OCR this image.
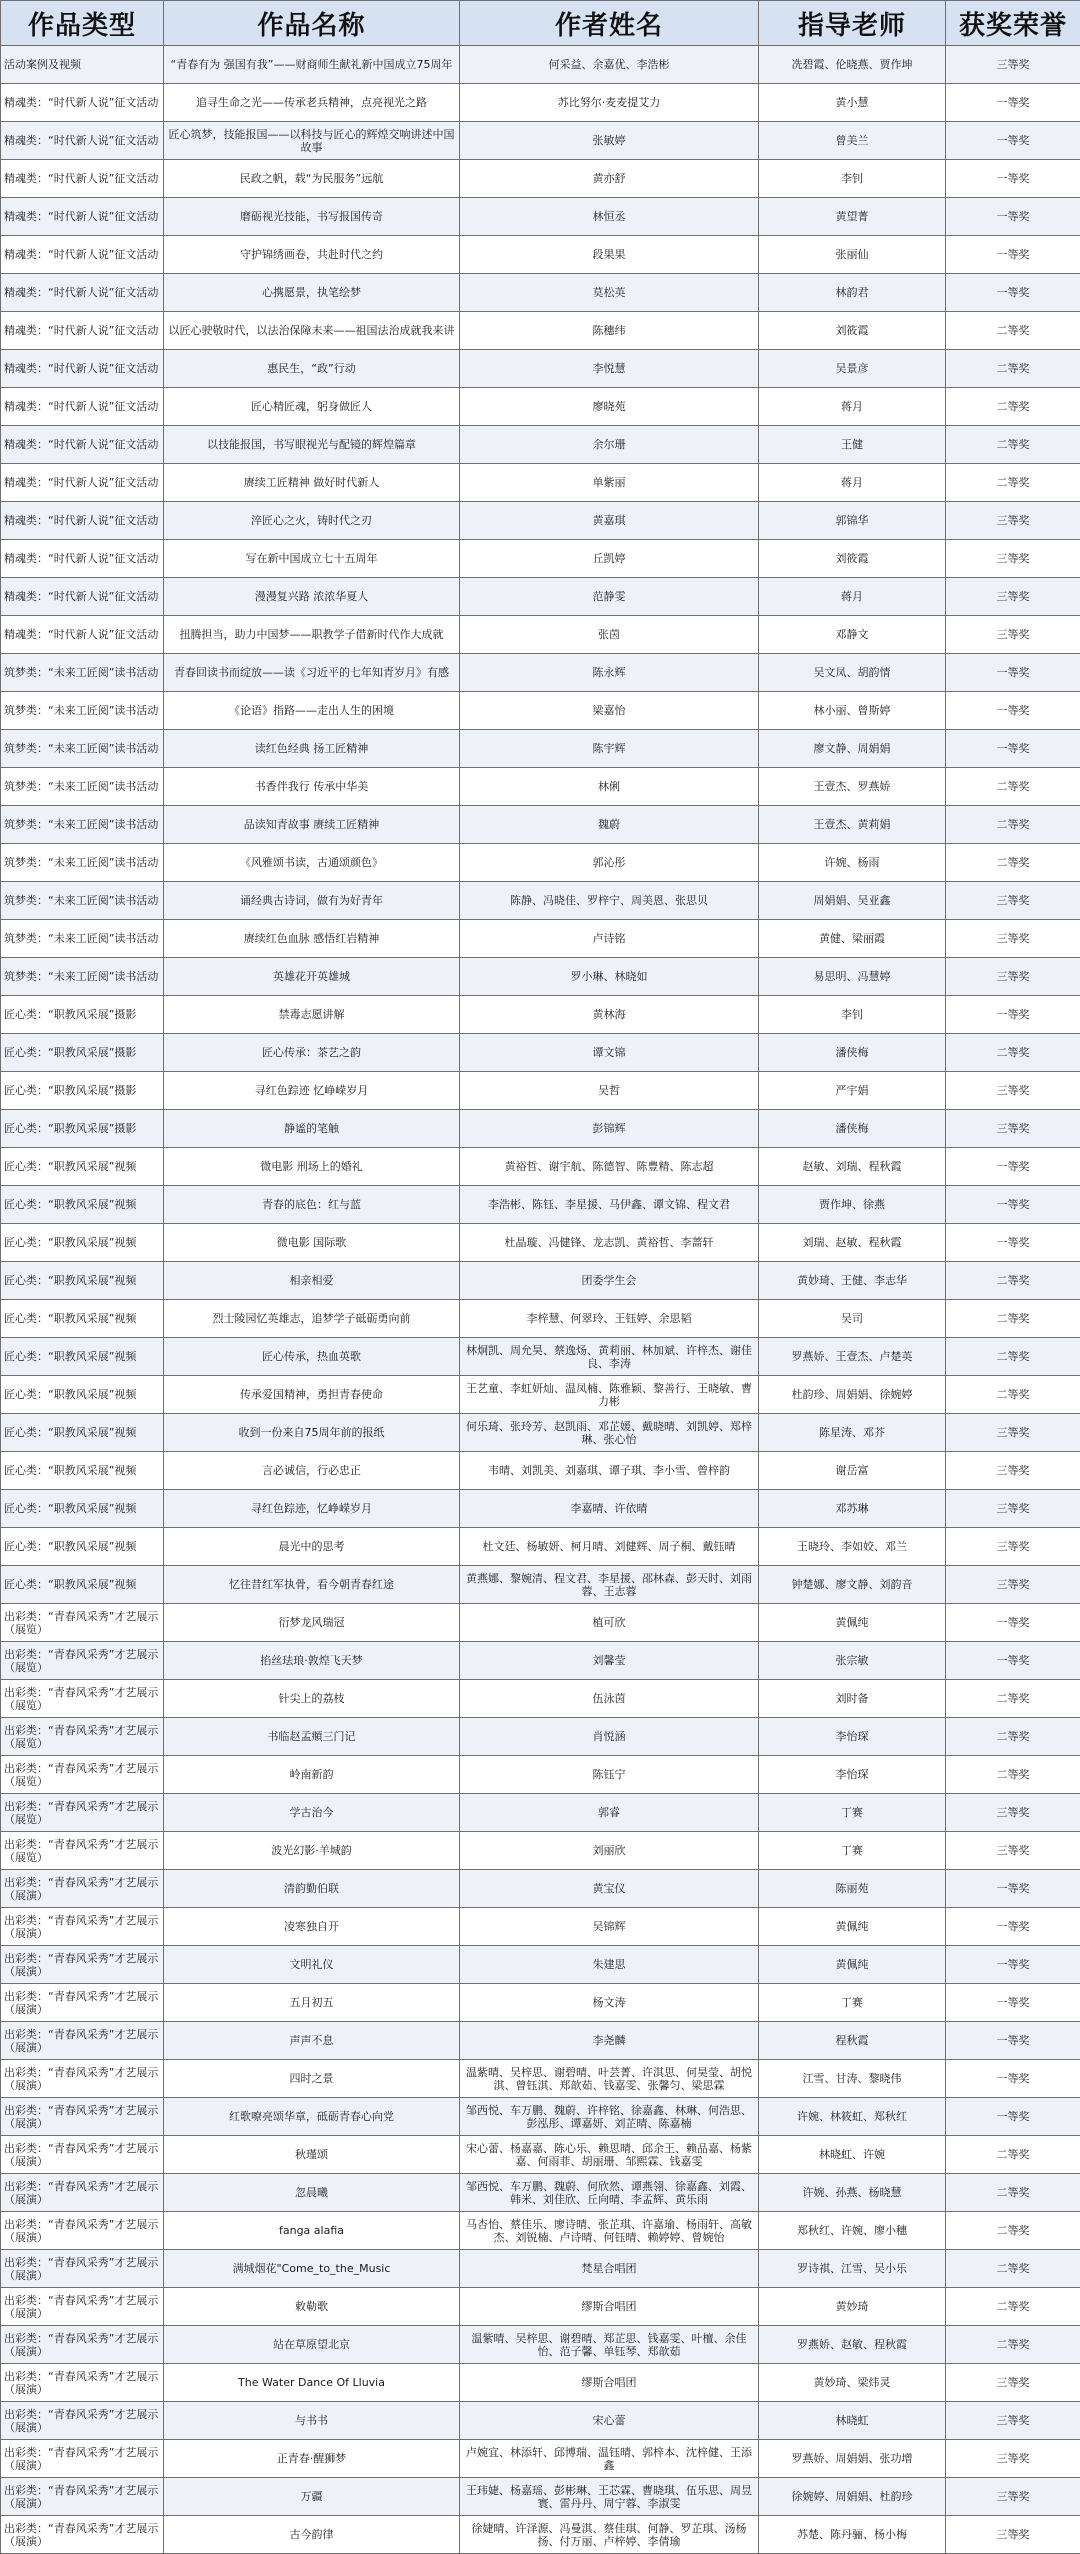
作品类型	作品名称	作者姓名	指导老师	获奖荣誉
活动案例及视频	“青春有为 强国有我”——财商师生献礼新中国成立75周年	何采益、余嘉优、李浩彬	冼碧霞、伦晓燕、贾作坤	三等奖
精魂类：“时代新人说”征文活动	追寻生命之光——传承老兵精神，点亮视光之路	苏比努尔·麦麦提艾力	黄小慧	一等奖
精魂类：“时代新人说”征文活动	匠心筑梦，技能报国——以科技与匠心的辉煌交响讲述中国故事	张敏婷	曾美兰	一等奖
精魂类：“时代新人说”征文活动	民政之帆，载“为民服务”远航	黄亦舒	李钊	一等奖
精魂类：“时代新人说”征文活动	磨砺视光技能，书写报国传奇	林恒丞	黄望菁	一等奖
精魂类：“时代新人说”征文活动	守护锦绣画卷，共赴时代之约	段果果	张丽仙	一等奖
精魂类：“时代新人说”征文活动	心携愿景，执笔绘梦	莫松英	林韵君	一等奖
精魂类：“时代新人说”征文活动	以匠心驶敬时代，以法治保障未来——祖国法治成就我来讲	陈穗纬	刘筱霞	二等奖
精魂类：“时代新人说”征文活动	惠民生，“政”行动	李悦慧	吴景彦	二等奖
精魂类：“时代新人说”征文活动	匠心精匠魂，躬身做匠人	廖晓苑	蒋月	二等奖
精魂类：“时代新人说”征文活动	以技能报国，书写眼视光与配镜的辉煌篇章	余尔珊	王健	二等奖
精魂类：“时代新人说”征文活动	赓续工匠精神 做好时代新人	单紫丽	蒋月	二等奖
精魂类：“时代新人说”征文活动	淬匠心之火，铸时代之刃	黄嘉琪	郭锦华	三等奖
精魂类：“时代新人说”征文活动	写在新中国成立七十五周年	丘凯婷	刘筱霞	三等奖
精魂类：“时代新人说”征文活动	漫漫复兴路 浓浓华夏人	范静雯	蒋月	三等奖
精魂类：“时代新人说”征文活动	扭腾担当，助力中国梦——职教学子借新时代作大成就	张茵	邓静文	三等奖
筑梦类：“未来工匠阅”读书活动	青春回读书而绽放——读《习近平的七年知青岁月》有感	陈永辉	吴文凤、胡韵情	一等奖
筑梦类：“未来工匠阅”读书活动	《论语》指路——走出人生的困境	梁嘉怡	林小丽、曾斯婷	一等奖
筑梦类：“未来工匠阅”读书活动	读红色经典 扬工匠精神	陈宇辉	廖文静、周娟娟	一等奖
筑梦类：“未来工匠阅”读书活动	书香伴我行 传承中华美	林俐	王壹杰、罗燕娇	二等奖
筑梦类：“未来工匠阅”读书活动	品读知青故事 赓续工匠精神	魏蔚	王壹杰、黄莉娟	二等奖
筑梦类：“未来工匠阅”读书活动	《风雅颂书读，古通颂颜色》	郭沁彤	许婉、杨雨	二等奖
筑梦类：“未来工匠阅”读书活动	诵经典古诗词，做有为好青年	陈静、冯晓佳、罗梓宁、周美恩、张思贝	周娟娟、吴亚鑫	三等奖
筑梦类：“未来工匠阅”读书活动	赓续红色血脉 感悟红岩精神	卢诗铭	黄健、梁丽霞	三等奖
筑梦类：“未来工匠阅”读书活动	英雄花开英雄城	罗小琳、林晓如	易思明、冯慧婷	三等奖
匠心类：“职教风采展”摄影	禁毒志愿讲解	黄林海	李钊	一等奖
匠心类：“职教风采展”摄影	匠心传承：茶艺之韵	谭文锦	潘侠梅	二等奖
匠心类：“职教风采展”摄影	寻红色踪迹 忆峥嵘岁月	吴哲	严宇娟	三等奖
匠心类：“职教风采展”摄影	静谧的笔触	彭锦辉	潘侠梅	三等奖
匠心类：“职教风采展”视频	微电影 刑场上的婚礼	黄裕哲、谢宇航、陈德智、陈豊精、陈志超	赵敏、刘瑞、程秋霞	一等奖
匠心类：“职教风采展”视频	青春的底色：红与蓝	李浩彬、陈钰、李星援、马伊鑫、谭文锦、程文君	贾作坤、徐燕	一等奖
匠心类：“职教风采展”视频	微电影 国际歌	杜晶璇、冯健锋、龙志凯、黄裕哲、李蔷轩	刘瑞、赵敏、程秋霞	一等奖
匠心类：“职教风采展”视频	相亲相爱	团委学生会	黄妙琦、王健、李志华	二等奖
匠心类：“职教风采展”视频	烈士陵园忆英雄志，追梦学子砥砺勇向前	李梓慧、何翠玲、王钰婷、余思韬	吴司	二等奖
匠心类：“职教风采展”视频	匠心传承，热血英歌	林炯凯、周允昊、蔡逸炀、黄莉丽、林加斌、许梓杰、谢佳良、李涛	罗燕娇、王壹杰、卢楚英	二等奖
匠心类：“职教风采展”视频	传承爱国精神，勇担青春使命	王艺童、李虹妍灿、温凤楠、陈雅颖、黎善行、王晓敏、曹力彬	杜韵珍、周娟娟、徐婉婷	二等奖
匠心类：“职教风采展”视频	收到一份来自75周年前的报纸	何乐琦、张玲芳、赵凯雨、邓芷媛、戴晓晴、刘凯婷、郑梓琳、张心怡	陈星涛、邓芥	三等奖
匠心类：“职教风采展”视频	言必诚信，行必忠正	韦晴、刘凯美、刘嘉琪、谭子琪、李小雪、曾梓韵	谢岳富	三等奖
匠心类：“职教风采展”视频	寻红色踪迹，忆峥嵘岁月	李嘉晴、许依晴	邓苏琳	三等奖
匠心类：“职教风采展”视频	晨光中的思考	杜文廷、杨敏妍、柯月晴、刘健辉、周子桐、戴钰晴	王晓玲、李如姣、邓兰	三等奖
匠心类：“职教风采展”视频	忆往昔红军执骨，看今朝青春红途	黄燕娜、黎婉清、程文君、李星援、邵林森、彭天时、刘雨蓉、王志蓉	钟楚娜、廖文静、刘韵音	三等奖
出彩类：“青春风采秀”才艺展示（展览）	衍梦龙风瑞冠	植可欣	黄佩纯	一等奖
出彩类：“青春风采秀”才艺展示（展览）	掐丝珐琅·敦煌飞天梦	刘馨莹	张宗敏	一等奖
出彩类：“青春风采秀”才艺展示（展览）	针尖上的荔枝	伍泳茵	刘时备	二等奖
出彩类：“青春风采秀”才艺展示（展览）	书临赵孟頫三门记	肖悦涵	李怡琛	二等奖
出彩类：“青春风采秀”才艺展示（展览）	岭南新韵	陈钰宁	李怡琛	二等奖
出彩类：“青春风采秀”才艺展示（展览）	学古治今	郭睿	丁赛	三等奖
出彩类：“青春风采秀”才艺展示（展览）	波光幻影·羊城韵	刘丽欣	丁赛	三等奖
出彩类：“青春风采秀”才艺展示（展演）	清韵勤伯联	黄宝仪	陈丽苑	一等奖
出彩类：“青春风采秀”才艺展示（展演）	凌寒独自开	吴锦辉	黄佩纯	一等奖
出彩类：“青春风采秀”才艺展示（展演）	文明礼仪	朱建思	黄佩纯	一等奖
出彩类：“青春风采秀”才艺展示（展演）	五月初五	杨文涛	丁赛	一等奖
出彩类：“青春风采秀”才艺展示（展演）	声声不息	李尧麟	程秋霞	一等奖
出彩类：“青春风采秀”才艺展示（展演）	四时之景	温紫晴、吴梓思、谢碧晴、叶芸菁、许淇思、何昊莹、胡悦淇、曾钰淇、郑歆茹、钱嘉雯、张馨匀、梁思霖	江雪、甘涛、黎晓伟	一等奖
出彩类：“青春风采秀”才艺展示（展演）	红歌嘹亮颂华章，砥砺青春心向党	邹西悦、车万鹏、魏蔚、许梓铭、徐嘉鑫、林琳、何浩思、彭泓彤、谭嘉妍、刘芷晴、陈嘉楠	许婉、林筱虹、郑秋红	一等奖
出彩类：“青春风采秀”才艺展示（展演）	秋瑾颂	宋心蕾、杨嘉嘉、陈心乐、赖思晴、邱余王、赖品嘉、杨紫嘉、何雨菲、胡丽珊、邹熙霖、钱嘉雯	林晓虹、许婉	二等奖
出彩类：“青春风采秀”才艺展示（展演）	忽晨曦	邹西悦、车万鹏、魏蔚、何欣然、谭燕翎、徐嘉鑫、刘霞、韩米、刘佳欣、丘向晴、李孟辉、黄乐雨	许婉、孙燕、杨晓慧	二等奖
出彩类：“青春风采秀”才艺展示（展演）	fanga alafia	马杏怡、蔡佳乐、廖诗晴、张芷琪、许嘉瑜、杨雨轩、高敏杰、刘锐楠、卢诗晴、何钰晴、赖婷婷、曾婉怡	郑秋红、许婉、廖小穗	二等奖
出彩类：“青春风采秀”才艺展示（展演）	满城烟花"Come_to_the_Music	梵星合唱团	罗诗祺、江雪、吴小乐	二等奖
出彩类：“青春风采秀”才艺展示（展演）	敕勒歌	缪斯合唱团	黄妙琦	二等奖
出彩类：“青春风采秀”才艺展示（展演）	站在草原望北京	温紫晴、吴梓思、谢碧晴、郑芷思、钱嘉雯、叶檀、余佳怡、范子馨、单钰琴、郑歆茹	罗燕娇、赵敏、程秋霞	二等奖
出彩类：“青春风采秀”才艺展示（展演）	The Water Dance Of Lluvia	缪斯合唱团	黄妙琦、梁炜灵	三等奖
出彩类：“青春风采秀”才艺展示（展演）	与书书	宋心蕾	林晓虹	三等奖
出彩类：“青春风采秀”才艺展示（展演）	正青春·醒狮梦	卢婉宜、林添轩、邱博瑞、温钰晴、郭梓本、沈梓健、王添鑫	罗燕娇、周娟娟、张功增	三等奖
出彩类：“青春风采秀”才艺展示（展演）	万疆	王玮婕、杨嘉瑶、彭彬琳、王芯霖、曹晓琪、伍乐思、周昱寰、雷丹丹、周宁蓉、李淑雯	徐婉婷、周娟娟、杜韵珍	三等奖
出彩类：“青春风采秀”才艺展示（展演）	古今韵律	徐婕晴、许泽源、冯曼淇、蔡佳琪、何静、罗芷琪、汤杨扬、付万丽、卢梓婷、李倩瑜	苏楚、陈丹骊、杨小梅	三等奖
